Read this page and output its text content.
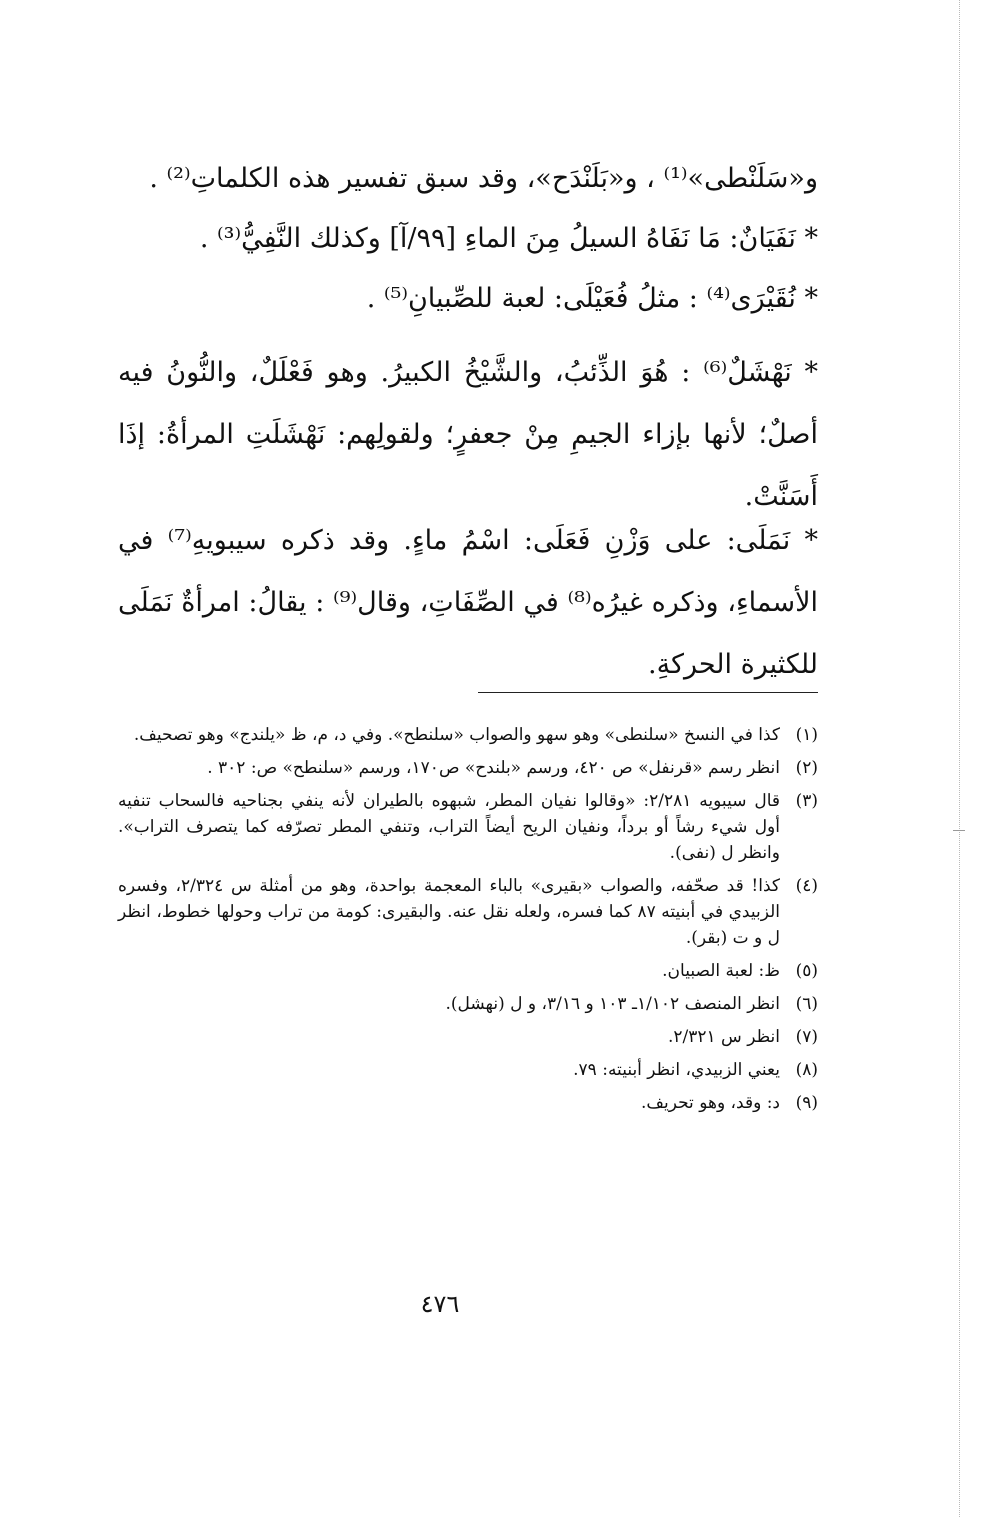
و«سَلَنْطى»⁽¹⁾ ، و«بَلَنْدَح»، وقد سبق تفسير هذه الكلماتِ⁽²⁾ .

* نَفَيَانٌ: مَا نَفَاهُ السيلُ مِنَ الماءِ [٩٩/آ] وكذلك النَّفِيُّ⁽³⁾ .

* نُقَيْرَى⁽⁴⁾ : مثلُ فُعَيْلَى: لعبة للصِّبيانِ⁽⁵⁾ .

* نَهْشَلٌ⁽⁶⁾ : هُوَ الذِّئبُ، والشَّيْخُ الكبيرُ. وهو فَعْلَلٌ، والنُّونُ فيه أصلٌ؛ لأنها بإزاء الجيمِ مِنْ جعفرٍ؛ ولقولِهم: نَهْشَلَتِ المرأةُ: إذَا أَسَنَّتْ.

* نَمَلَى: على وَزْنِ فَعَلَى: اسْمُ ماءٍ. وقد ذكره سيبويهِ⁽⁷⁾ في الأسماءِ، وذكره غيرُه⁽⁸⁾ في الصِّفَاتِ، وقال⁽⁹⁾ : يقالُ: امرأةٌ نَمَلَى للكثيرة الحركةِ.

(١)
كذا في النسخ «سلنطى» وهو سهو والصواب «سلنطح». وفي د، م، ظ «يلندج» وهو تصحيف.
(٢)
انظر رسم «قرنفل» ص ٤٢٠، ورسم «بلندح» ص١٧٠، ورسم «سلنطح» ص: ٣٠٢ .
(٣)
قال سيبويه ٢/٢٨١: «وقالوا نفيان المطر، شبهوه بالطيران لأنه ينفي بجناحيه فالسحاب تنفيه أول شيء رشاً أو برداً، ونفيان الريح أيضاً التراب، وتنفي المطر تصرّفه كما يتصرف التراب». وانظر ل (نفى).
(٤)
كذا! قد صحّفه، والصواب «بقيرى» بالباء المعجمة بواحدة، وهو من أمثلة س ٢/٣٢٤، وفسره الزبيدي في أبنيته ٨٧ كما فسره، ولعله نقل عنه. والبقيرى: كومة من تراب وحولها خطوط، انظر ل و ت (بقر).
(٥)
ظ: لعبة الصبيان.
(٦)
انظر المنصف ١/١٠٢ـ ١٠٣ و ٣/١٦، و ل (نهشل).
(٧)
انظر س ٢/٣٢١.
(٨)
يعني الزبيدي، انظر أبنيته: ٧٩.
(٩)
د: وقد، وهو تحريف.
٤٧٦
